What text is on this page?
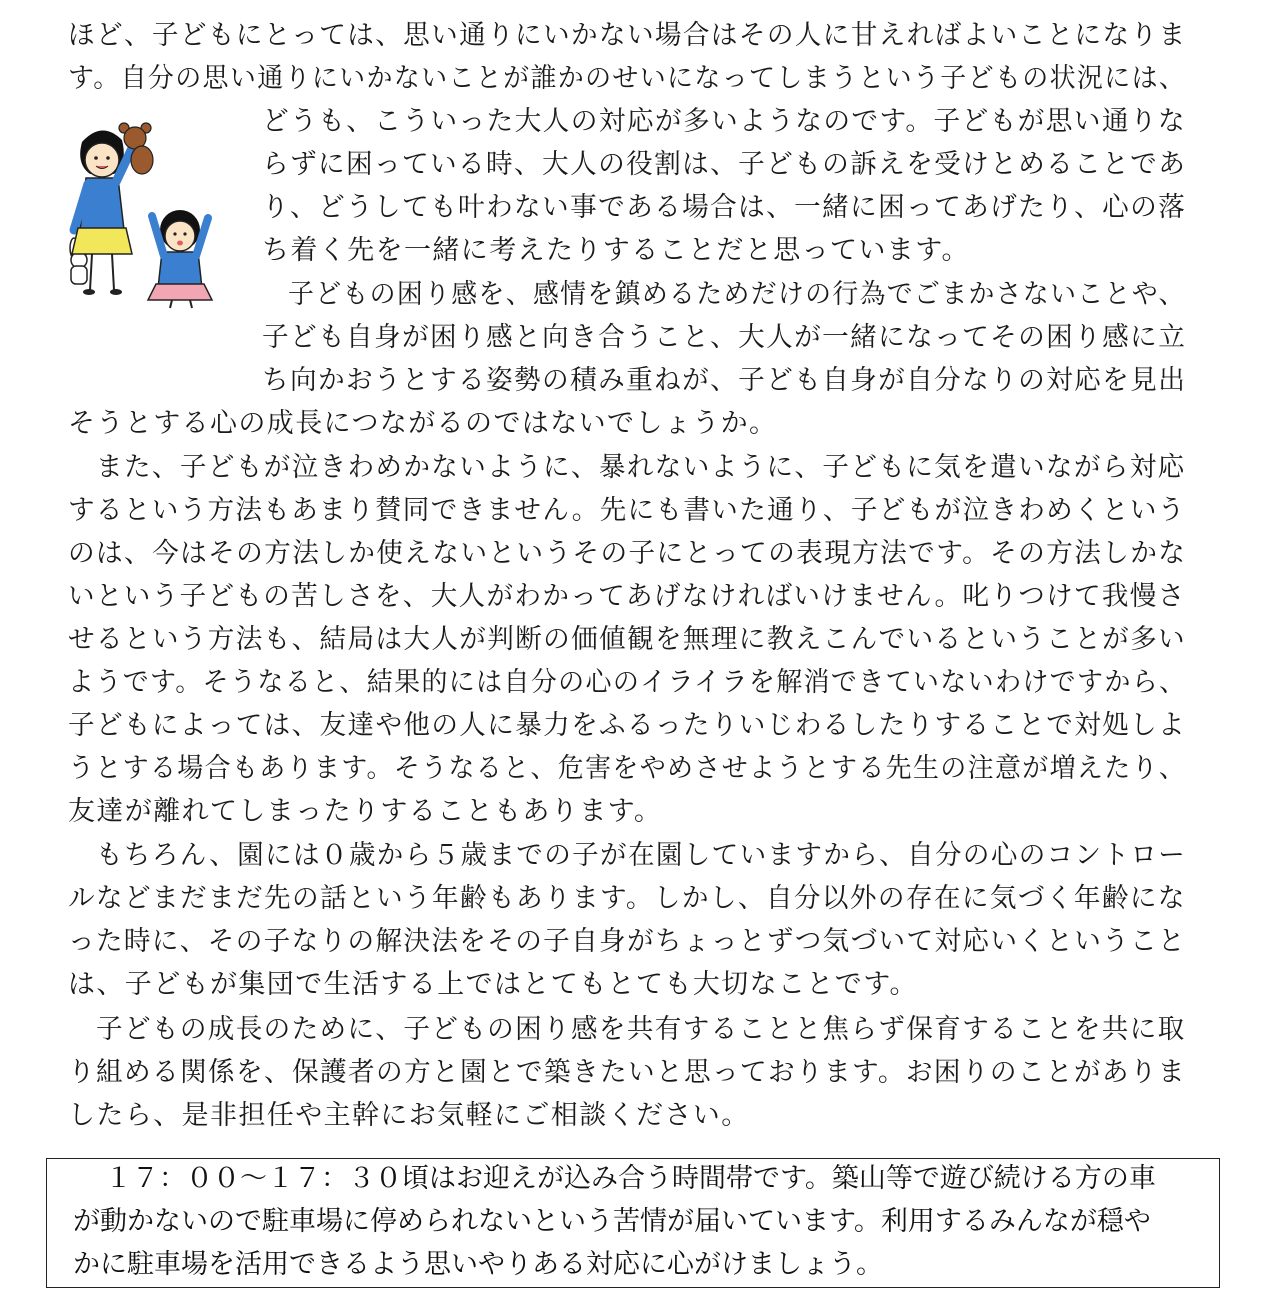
ほど、子どもにとっては、思い通りにいかない場合はその人に甘えればよいことになりま
す。自分の思い通りにいかないことが誰かのせいになってしまうという子どもの状況には、
どうも、こういった大人の対応が多いようなのです。子どもが思い通りな
らずに困っている時、大人の役割は、子どもの訴えを受けとめることであ
り、どうしても叶わない事である場合は、一緒に困ってあげたり、心の落
ち着く先を一緒に考えたりすることだと思っています。
子どもの困り感を、感情を鎮めるためだけの行為でごまかさないことや、
子ども自身が困り感と向き合うこと、大人が一緒になってその困り感に立
ち向かおうとする姿勢の積み重ねが、子ども自身が自分なりの対応を見出
そうとする心の成長につながるのではないでしょうか。
また、子どもが泣きわめかないように、暴れないように、子どもに気を遣いながら対応
するという方法もあまり賛同できません。先にも書いた通り、子どもが泣きわめくという
のは、今はその方法しか使えないというその子にとっての表現方法です。その方法しかな
いという子どもの苦しさを、大人がわかってあげなければいけません。叱りつけて我慢さ
せるという方法も、結局は大人が判断の価値観を無理に教えこんでいるということが多い
ようです。そうなると、結果的には自分の心のイライラを解消できていないわけですから、
子どもによっては、友達や他の人に暴力をふるったりいじわるしたりすることで対処しよ
うとする場合もあります。そうなると、危害をやめさせようとする先生の注意が増えたり、
友達が離れてしまったりすることもあります。
もちろん、園には０歳から５歳までの子が在園していますから、自分の心のコントロー
ルなどまだまだ先の話という年齢もあります。しかし、自分以外の存在に気づく年齢にな
った時に、その子なりの解決法をその子自身がちょっとずつ気づいて対応いくということ
は、子どもが集団で生活する上ではとてもとても大切なことです。
子どもの成長のために、子どもの困り感を共有することと焦らず保育することを共に取
り組める関係を、保護者の方と園とで築きたいと思っております。お困りのことがありま
したら、是非担任や主幹にお気軽にご相談ください。
１７：００～１７：３０頃はお迎えが込み合う時間帯です。築山等で遊び続ける方の車
が動かないので駐車場に停められないという苦情が届いています。利用するみんなが穏や
かに駐車場を活用できるよう思いやりある対応に心がけましょう。
